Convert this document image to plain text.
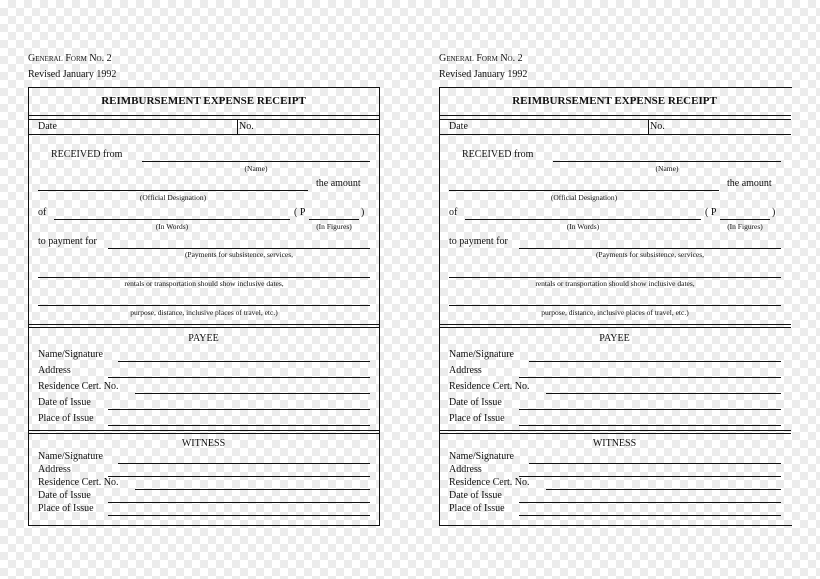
General Form No. 2
Revised January 1992
REIMBURSEMENT EXPENSE RECEIPT
Date	No.
RECEIVED from
(Name)
the amount
(Official Designation)
of	( P	)
(In Words)	(In Figures)
to payment for
(Payments for subsistence, services,
rentals or transportation should show inclusive dates,
purpose, distance, inclusive places of travel, etc.)
PAYEE
Name/Signature
Address
Residence Cert. No.
Date of Issue
Place of Issue
WITNESS
Name/Signature
Address
Residence Cert. No.
Date of Issue
Place of Issue
General Form No. 2
Revised January 1992
REIMBURSEMENT EXPENSE RECEIPT
Date	No.
RECEIVED from
(Name)
the amount
(Official Designation)
of	( P	)
(In Words)	(In Figures)
to payment for
(Payments for subsistence, services,
rentals or transportation should show inclusive dates,
purpose, distance, inclusive places of travel, etc.)
PAYEE
Name/Signature
Address
Residence Cert. No.
Date of Issue
Place of Issue
WITNESS
Name/Signature
Address
Residence Cert. No.
Date of Issue
Place of Issue
